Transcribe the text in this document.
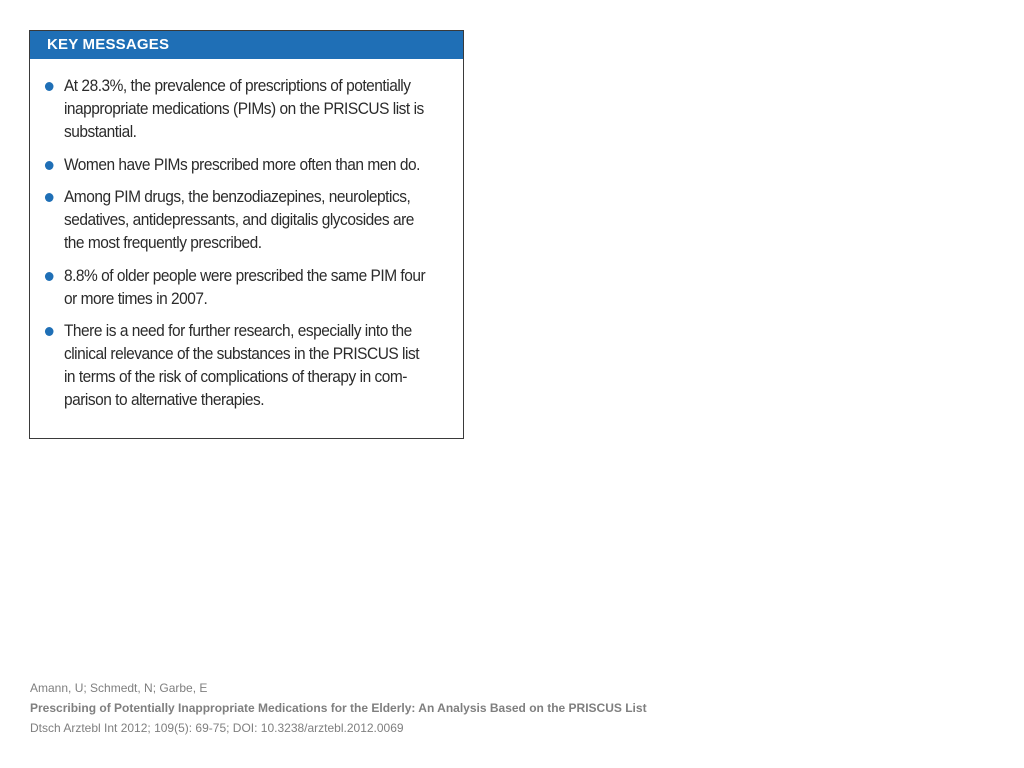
KEY MESSAGES
At 28.3%, the prevalence of prescriptions of potentially inappropriate medications (PIMs) on the PRISCUS list is substantial.
Women have PIMs prescribed more often than men do.
Among PIM drugs, the benzodiazepines, neuroleptics, sedatives, antidepressants, and digitalis glycosides are the most frequently prescribed.
8.8% of older people were prescribed the same PIM four or more times in 2007.
There is a need for further research, especially into the clinical relevance of the substances in the PRISCUS list in terms of the risk of complications of therapy in com-parison to alternative therapies.
Amann, U; Schmedt, N; Garbe, E
Prescribing of Potentially Inappropriate Medications for the Elderly: An Analysis Based on the PRISCUS List
Dtsch Arztebl Int 2012; 109(5): 69-75; DOI: 10.3238/arztebl.2012.0069
